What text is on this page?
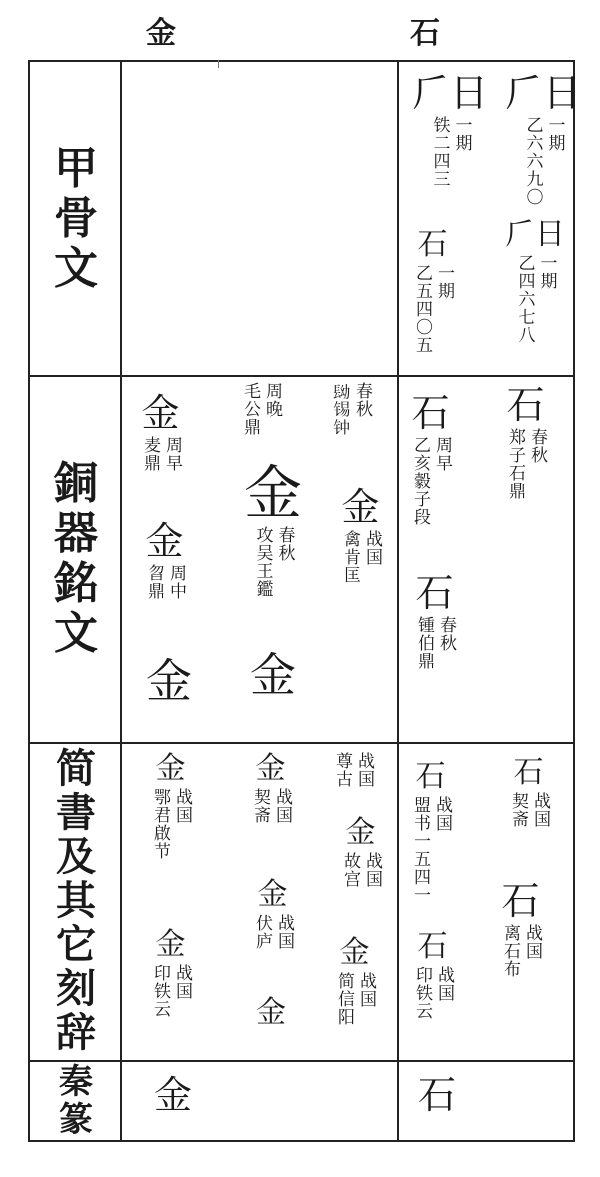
金	石
甲
骨
文
銅
器
銘
文
简
書
及
其
它
刻
辞
秦
篆
𠂆日
一期
乙六六九〇
𠂆日
一期
铁二四三
𠂆日
一期
乙四六七八
石
一期
乙五四〇五
石
春秋
郑子石鼎
石
周早
乙亥豰子段
石
春秋
锺伯鼎
石
战国
契斋
石
战国
盟书一五四一 石
战国
离石布
石
战国
印铁云
石
春秋
𨱧锡钟
周晚
毛公鼎
金
周早
麦鼎
金
战国
禽肯匡
金
春秋
攻吴王鑑
金
周中
曶鼎
金 金
金
战国
鄂君啟节
金
战国
契斋
战国
尊古
金
战国
故宫
金
战国
印铁云
金
战国
伏庐
金
战国
简信阳
金
金
